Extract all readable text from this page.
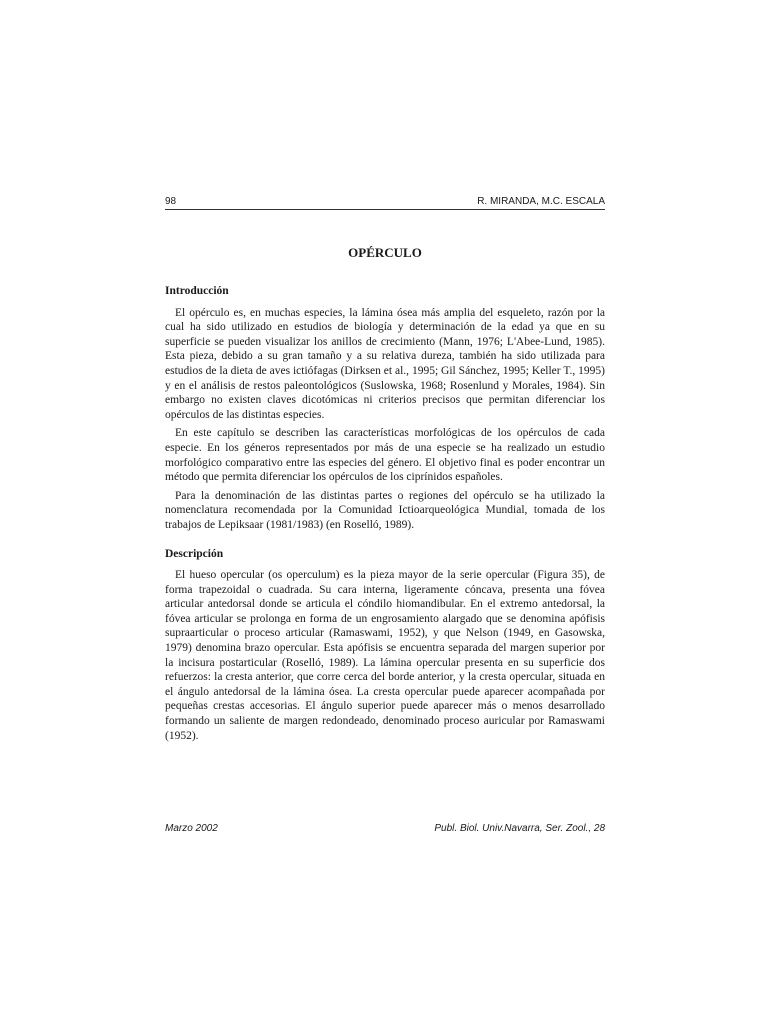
98	R. MIRANDA, M.C. ESCALA
OPÉRCULO
Introducción

El opérculo es, en muchas especies, la lámina ósea más amplia del esqueleto, razón por la cual ha sido utilizado en estudios de biología y determinación de la edad ya que en su superficie se pueden visualizar los anillos de crecimiento (Mann, 1976; L'Abee-Lund, 1985). Esta pieza, debido a su gran tamaño y a su relativa dureza, también ha sido utilizada para estudios de la dieta de aves ictiófagas (Dirksen et al., 1995; Gil Sánchez, 1995; Keller T., 1995) y en el análisis de restos paleontológicos (Suslowska, 1968; Rosenlund y Morales, 1984). Sin embargo no existen claves dicotómicas ni criterios precisos que permitan diferenciar los opérculos de las distintas especies.

En este capítulo se describen las características morfológicas de los opérculos de cada especie. En los géneros representados por más de una especie se ha realizado un estudio morfológico comparativo entre las especies del género. El objetivo final es poder encontrar un método que permita diferenciar los opérculos de los ciprínidos españoles.

Para la denominación de las distintas partes o regiones del opérculo se ha utilizado la nomenclatura recomendada por la Comunidad Ictioarqueológica Mundial, tomada de los trabajos de Lepiksaar (1981/1983) (en Roselló, 1989).

Descripción

El hueso opercular (os operculum) es la pieza mayor de la serie opercular (Figura 35), de forma trapezoidal o cuadrada. Su cara interna, ligeramente cóncava, presenta una fóvea articular antedorsal donde se articula el cóndilo hiomandibular. En el extremo antedorsal, la fóvea articular se prolonga en forma de un engrosamiento alargado que se denomina apófisis supraarticular o proceso articular (Ramaswami, 1952), y que Nelson (1949, en Gasowska, 1979) denomina brazo opercular. Esta apófisis se encuentra separada del margen superior por la incisura postarticular (Roselló, 1989). La lámina opercular presenta en su superficie dos refuerzos: la cresta anterior, que corre cerca del borde anterior, y la cresta opercular, situada en el ángulo antedorsal de la lámina ósea. La cresta opercular puede aparecer acompañada por pequeñas crestas accesorias. El ángulo superior puede aparecer más o menos desarrollado formando un saliente de margen redondeado, denominado proceso auricular por Ramaswami (1952).

Marzo 2002	Publ. Biol. Univ.Navarra, Ser. Zool., 28
